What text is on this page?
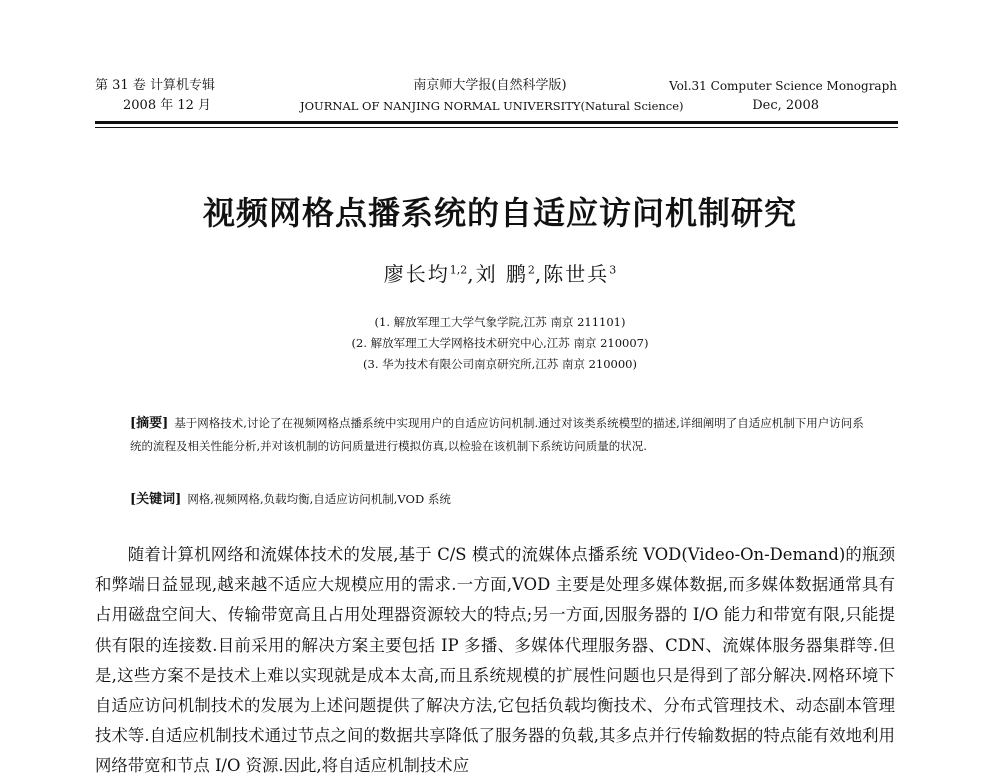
第 31 卷 计算机专辑
2008 年 12 月
南京师大学报(自然科学版)
JOURNAL OF NANJING NORMAL UNIVERSITY(Natural Science)
Vol.31 Computer Science Monograph
Dec, 2008
视频网格点播系统的自适应访问机制研究
廖长均$^{1,2}$,刘 鹏$^2$,陈世兵$^3$
(1. 解放军理工大学气象学院,江苏 南京 211101)
(2. 解放军理工大学网格技术研究中心,江苏 南京 210007)
(3. 华为技术有限公司南京研究所,江苏 南京 210000)
[摘要] 基于网格技术,讨论了在视频网格点播系统中实现用户的自适应访问机制.通过对该类系统模型的描述,详细阐明了自适应机制下用户访问系统的流程及相关性能分析,并对该机制的访问质量进行模拟仿真,以检验在该机制下系统访问质量的状况.
[关键词] 网格,视频网格,负载均衡,自适应访问机制,VOD 系统
随着计算机网络和流媒体技术的发展,基于 C/S 模式的流媒体点播系统 VOD(Video-On-Demand)的瓶颈和弊端日益显现,越来越不适应大规模应用的需求.一方面,VOD 主要是处理多媒体数据,而多媒体数据通常具有占用磁盘空间大、传输带宽高且占用处理器资源较大的特点;另一方面,因服务器的 I/O 能力和带宽有限,只能提供有限的连接数.目前采用的解决方案主要包括 IP 多播、多媒体代理服务器、CDN、流媒体服务器集群等.但是,这些方案不是技术上难以实现就是成本太高,而且系统规模的扩展性问题也只是得到了部分解决.网格环境下自适应访问机制技术的发展为上述问题提供了解决方法,它包括负载均衡技术、分布式管理技术、动态副本管理技术等.自适应机制技术通过节点之间的数据共享降低了服务器的负载,其多点并行传输数据的特点能有效地利用网络带宽和节点 I/O 资源.因此,将自适应机制技术应
